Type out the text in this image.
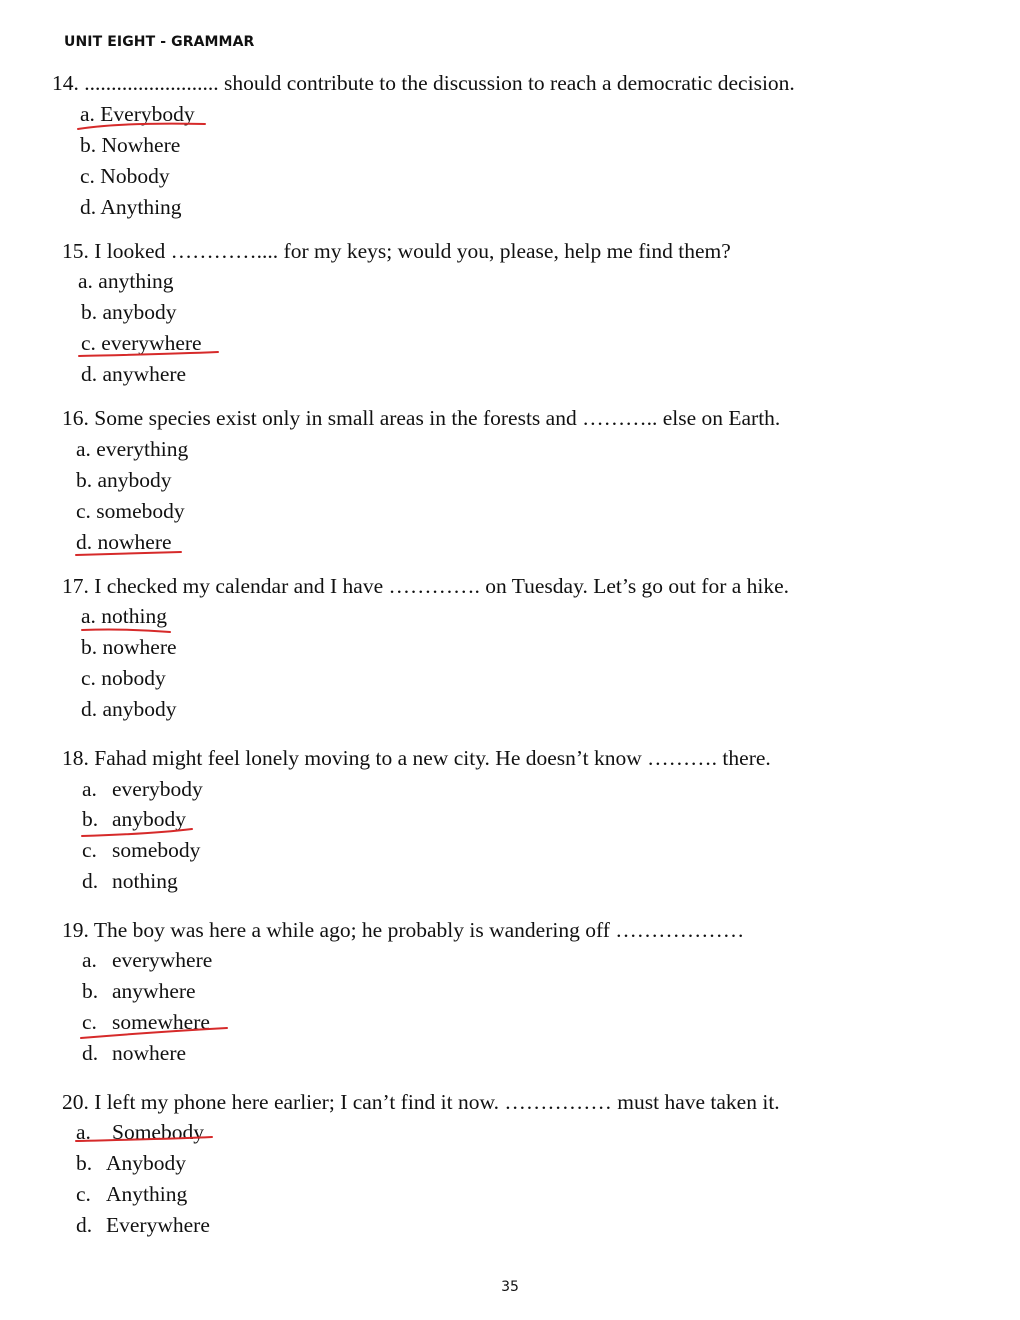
UNIT EIGHT - GRAMMAR
14. ......................... should contribute to the discussion to reach a democratic decision.
a. Everybody
b. Nowhere
c. Nobody
d. Anything
15. I looked ………….... for my keys; would you, please, help me find them?
a. anything
b. anybody
c. everywhere
d. anywhere
16. Some species exist only in small areas in the forests and ……….. else on Earth.
a. everything
b. anybody
c. somebody
d. nowhere
17. I checked my calendar and I have …………. on Tuesday. Let’s go out for a hike.
a. nothing
b. nowhere
c. nobody
d. anybody
18. Fahad might feel lonely moving to a new city. He doesn’t know ………. there.
a. everybody
b. anybody
c. somebody
d. nothing
19. The boy was here a while ago; he probably is wandering off ………………
a. everywhere
b. anywhere
c. somewhere
d. nowhere
20. I left my phone here earlier; I can’t find it now. …………… must have taken it.
a. Somebody
b. Anybody
c. Anything
d. Everywhere
35
